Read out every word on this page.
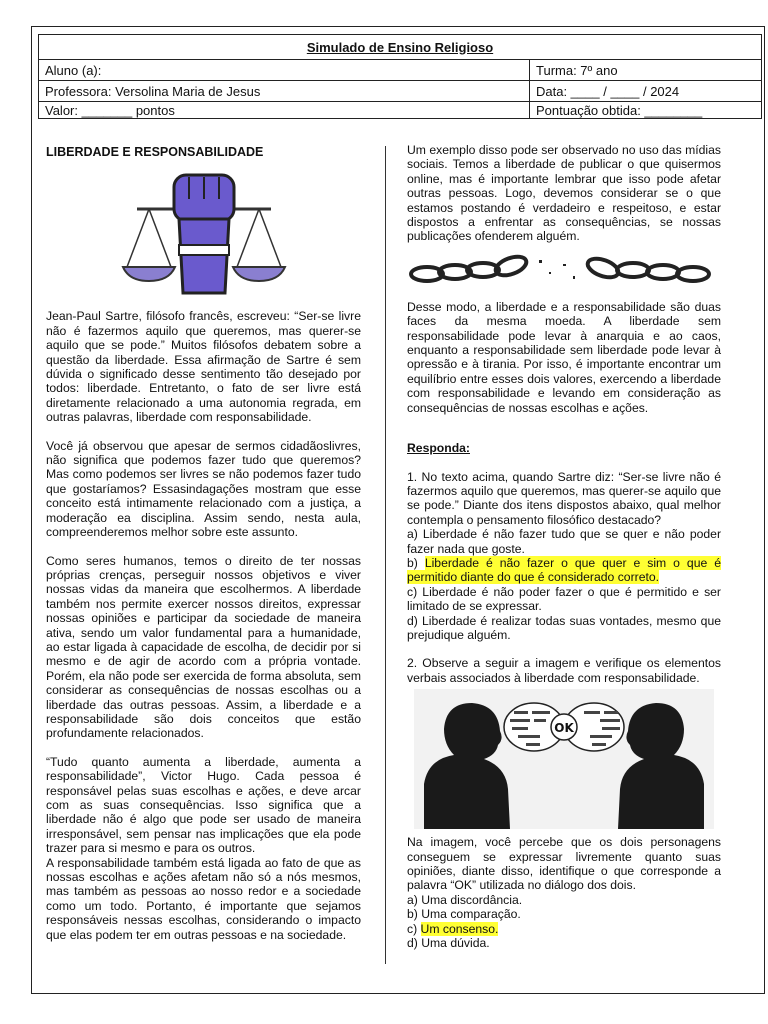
Simulado de Ensino Religioso	
Aluno (a):	Turma: 7º ano
Professora: Versolina Maria de Jesus	Data: ____ / ____ / 2024
Valor: _______ pontos	Pontuação obtida: ________

LIBERDADE E RESPONSABILIDADE

Jean-Paul Sartre, filósofo francês, escreveu: “Ser-se livre não é fazermos aquilo que queremos, mas querer-se aquilo que se pode.” Muitos filósofos debatem sobre a questão da liberdade. Essa afirmação de Sartre é sem dúvida o significado desse sentimento tão desejado por todos: liberdade. Entretanto, o fato de ser livre está diretamente relacionado a uma autonomia regrada, em outras palavras, liberdade com responsabilidade.

Você já observou que apesar de sermos cidadãoslivres, não significa que podemos fazer tudo que queremos? Mas como podemos ser livres se não podemos fazer tudo que gostaríamos? Essasindagações mostram que esse conceito está intimamente relacionado com a justiça, a moderação ea disciplina. Assim sendo, nesta aula, compreenderemos melhor sobre este assunto.

Como seres humanos, temos o direito de ter nossas próprias crenças, perseguir nossos objetivos e viver nossas vidas da maneira que escolhermos. A liberdade também nos permite exercer nossos direitos, expressar nossas opiniões e participar da sociedade de maneira ativa, sendo um valor fundamental para a humanidade, ao estar ligada à capacidade de escolha, de decidir por si mesmo e de agir de acordo com a própria vontade. Porém, ela não pode ser exercida de forma absoluta, sem considerar as consequências de nossas escolhas ou a liberdade das outras pessoas. Assim, a liberdade e a responsabilidade são dois conceitos que estão profundamente relacionados.

“Tudo quanto aumenta a liberdade, aumenta a responsabilidade”, Victor Hugo. Cada pessoa é responsável pelas suas escolhas e ações, e deve arcar com as suas consequências. Isso significa que a liberdade não é algo que pode ser usado de maneira irresponsável, sem pensar nas implicações que ela pode trazer para si mesmo e para os outros.

A responsabilidade também está ligada ao fato de que as nossas escolhas e ações afetam não só a nós mesmos, mas também as pessoas ao nosso redor e a sociedade como um todo. Portanto, é importante que sejamos responsáveis nessas escolhas, considerando o impacto que elas podem ter em outras pessoas e na sociedade.

Um exemplo disso pode ser observado no uso das mídias sociais. Temos a liberdade de publicar o que quisermos online, mas é importante lembrar que isso pode afetar outras pessoas. Logo, devemos considerar se o que estamos postando é verdadeiro e respeitoso, e estar dispostos a enfrentar as consequências, se nossas publicações ofenderem alguém.

Desse modo, a liberdade e a responsabilidade são duas faces da mesma moeda. A liberdade sem responsabilidade pode levar à anarquia e ao caos, enquanto a responsabilidade sem liberdade pode levar à opressão e à tirania. Por isso, é importante encontrar um equilíbrio entre esses dois valores, exercendo a liberdade com responsabilidade e levando em consideração as consequências de nossas escolhas e ações.

Responda:

1. No texto acima, quando Sartre diz: “Ser-se livre não é fazermos aquilo que queremos, mas querer-se aquilo que se pode.” Diante dos itens dispostos abaixo, qual melhor contempla o pensamento filosófico destacado?

a) Liberdade é não fazer tudo que se quer e não poder fazer nada que goste.

b) Liberdade é não fazer o que quer e sim o que é permitido diante do que é considerado correto.

c) Liberdade é não poder fazer o que é permitido e ser limitado de se expressar.

d) Liberdade é realizar todas suas vontades, mesmo que prejudique alguém.

2. Observe a seguir a imagem e verifique os elementos verbais associados à liberdade com responsabilidade.

OK

Na imagem, você percebe que os dois personagens conseguem se expressar livremente quanto suas opiniões, diante disso, identifique o que corresponde a palavra “OK” utilizada no diálogo dos dois.

a) Uma discordância.

b) Uma comparação.

c) Um consenso.

d) Uma dúvida.
